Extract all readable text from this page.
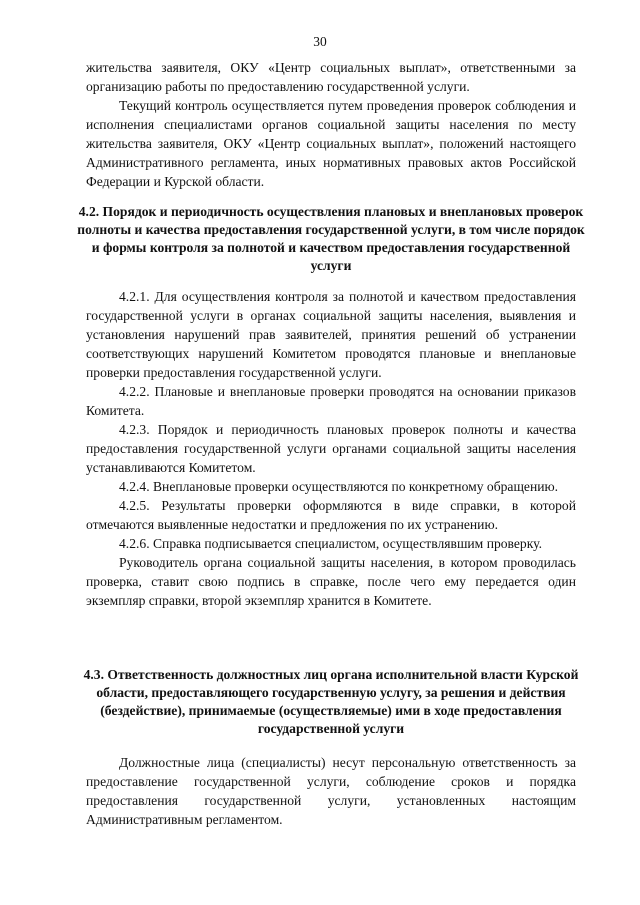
30

жительства заявителя, ОКУ «Центр социальных выплат», ответственными за организацию работы по предоставлению государственной услуги.

Текущий контроль осуществляется путем проведения проверок соблюдения и исполнения специалистами органов социальной защиты населения по месту жительства заявителя, ОКУ «Центр социальных выплат», положений настоящего Административного регламента, иных нормативных правовых актов Российской Федерации и Курской области.

4.2. Порядок и периодичность осуществления плановых и внеплановых проверок полноты и качества предоставления государственной услуги, в том числе порядок и формы контроля за полнотой и качеством предоставления государственной услуги

4.2.1. Для осуществления контроля за полнотой и качеством предоставления государственной услуги в органах социальной защиты населения, выявления и установления нарушений прав заявителей, принятия решений об устранении соответствующих нарушений Комитетом проводятся плановые и внеплановые проверки предоставления государственной услуги.

4.2.2. Плановые и внеплановые проверки проводятся на основании приказов Комитета.

4.2.3. Порядок и периодичность плановых проверок полноты и качества предоставления государственной услуги органами социальной защиты населения устанавливаются Комитетом.

4.2.4. Внеплановые проверки осуществляются по конкретному обращению.

4.2.5. Результаты проверки оформляются в виде справки, в которой отмечаются выявленные недостатки и предложения по их устранению.

4.2.6. Справка подписывается специалистом, осуществлявшим проверку.

Руководитель органа социальной защиты населения, в котором проводилась проверка, ставит свою подпись в справке, после чего ему передается один экземпляр справки, второй экземпляр хранится в Комитете.

4.3. Ответственность должностных лиц органа исполнительной власти Курской области, предоставляющего государственную услугу, за решения и действия (бездействие), принимаемые (осуществляемые) ими в ходе предоставления государственной услуги

Должностные лица (специалисты) несут персональную ответственность за предоставление государственной услуги, соблюдение сроков и порядка предоставления государственной услуги, установленных настоящим Административным регламентом.
